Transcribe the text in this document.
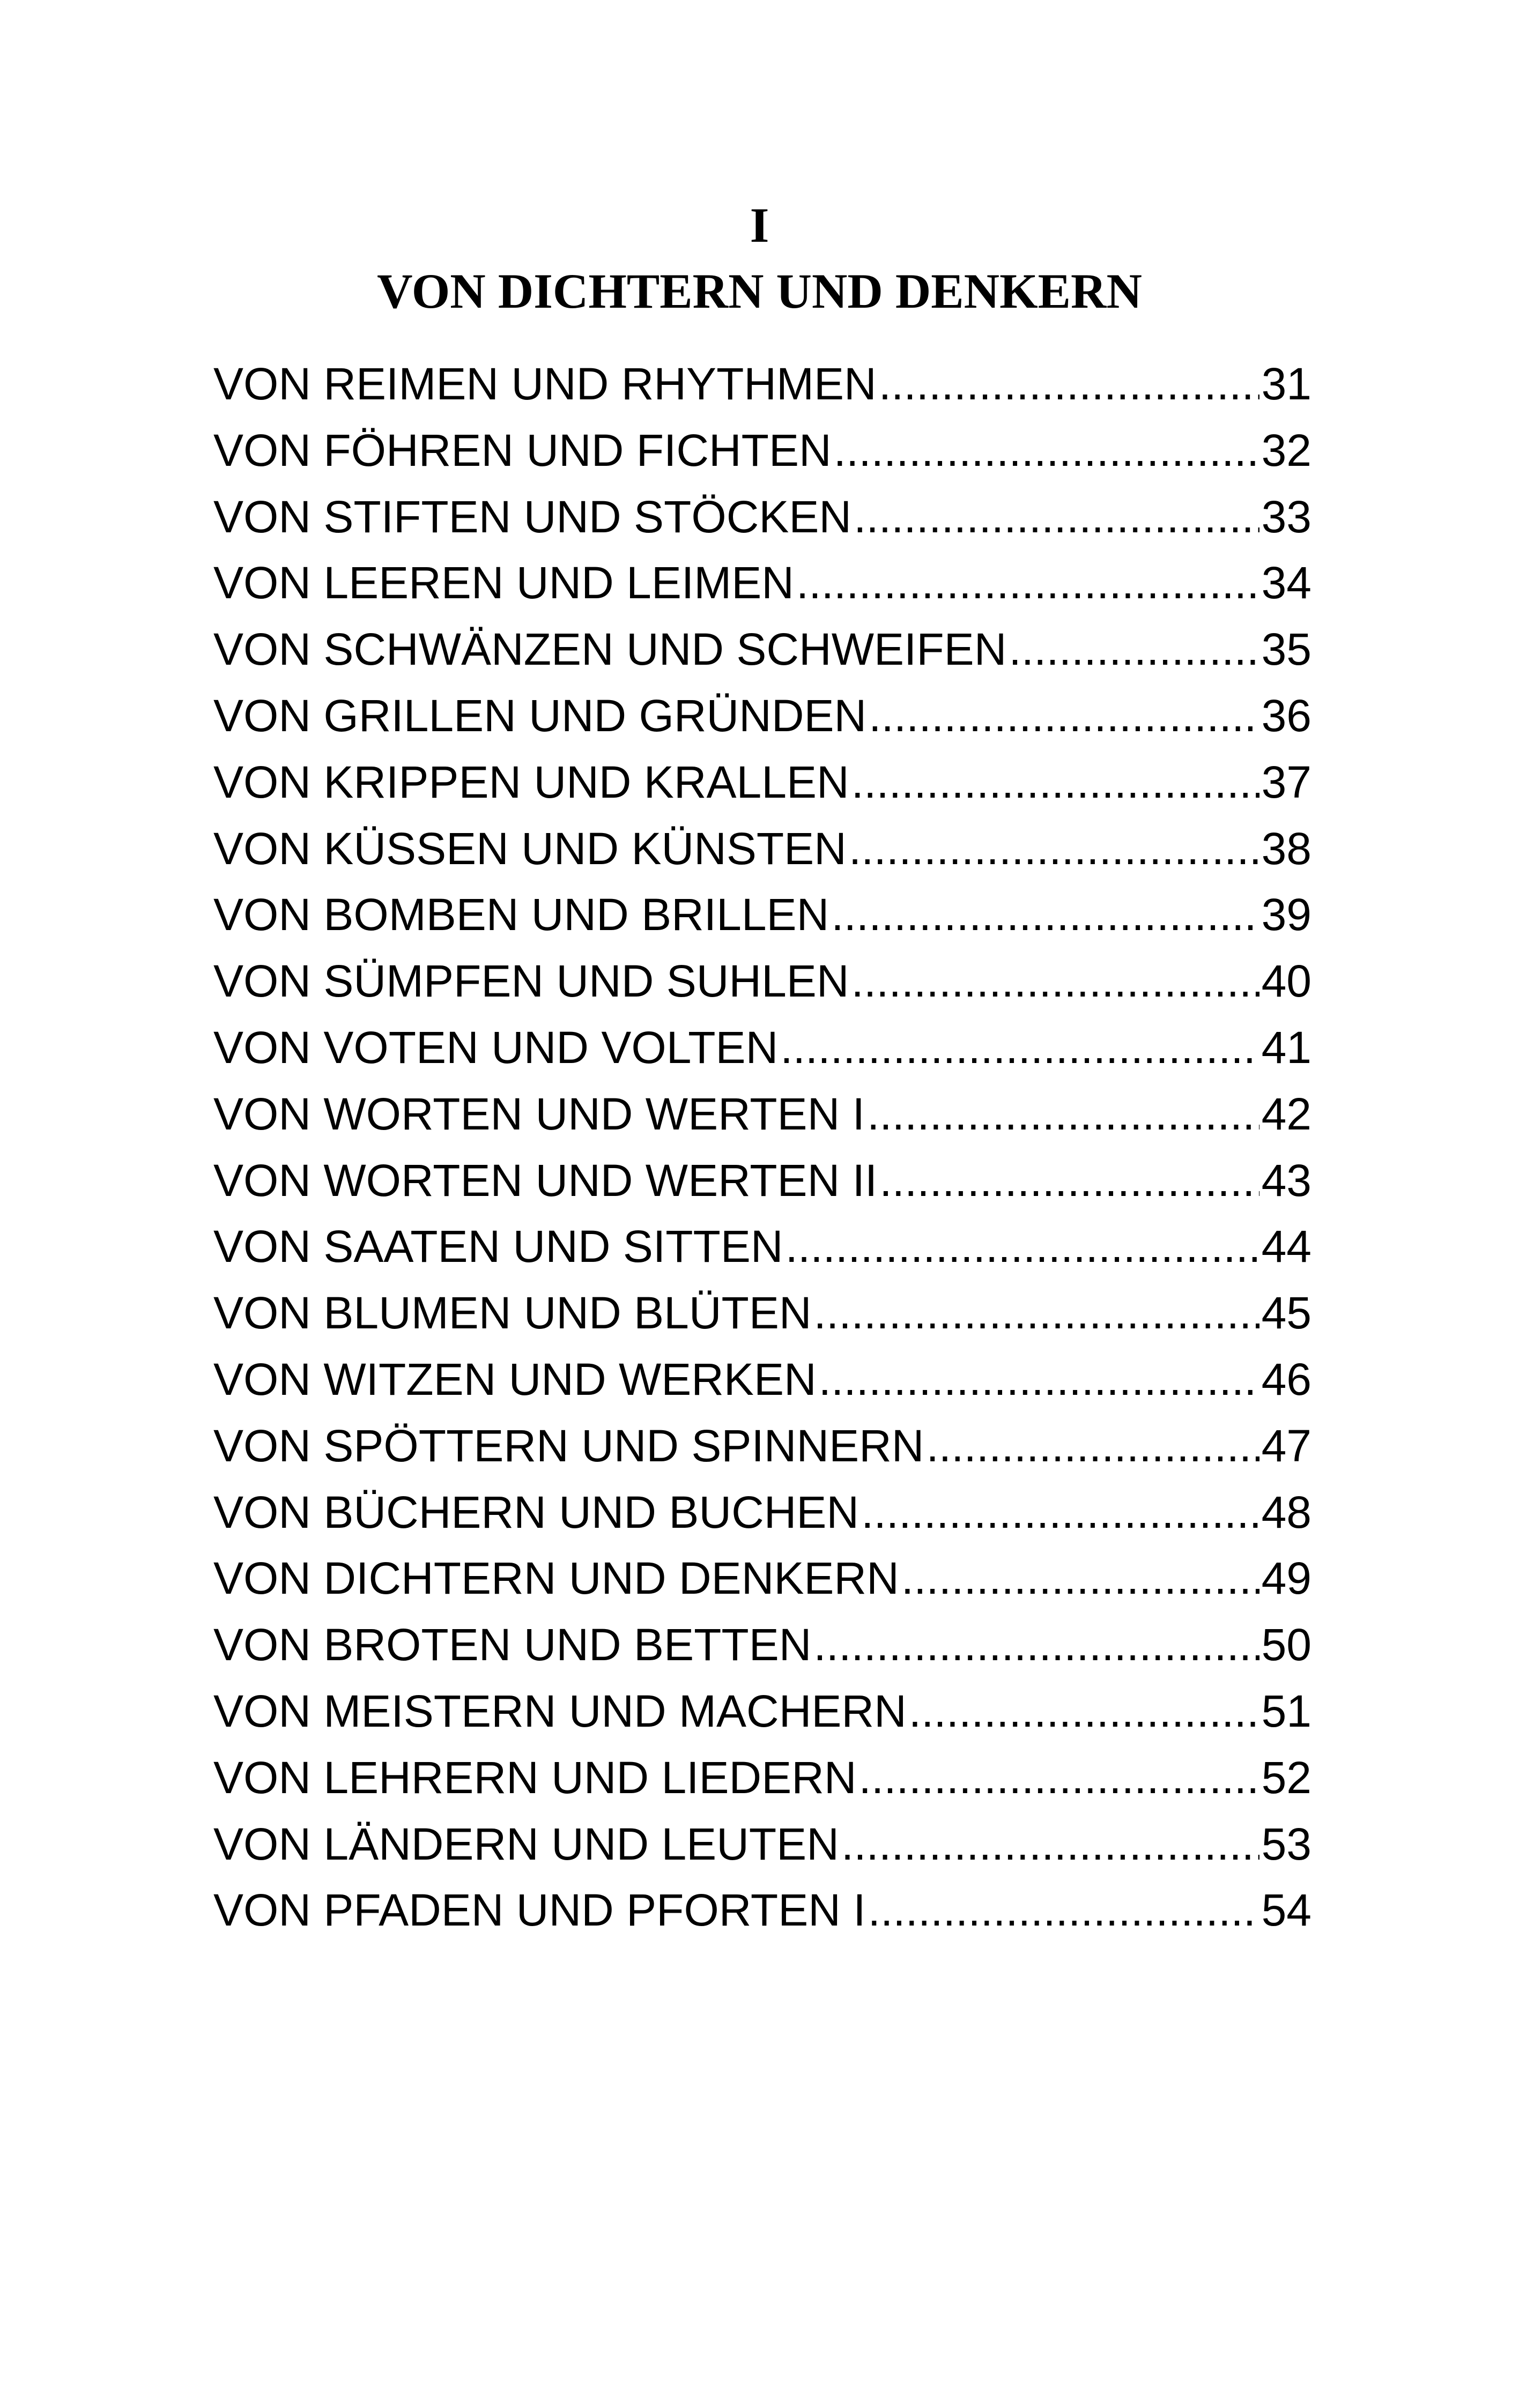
I
VON DICHTERN UND DENKERN
VON REIMEN UND RHYTHMEN .....	31
VON FÖHREN UND FICHTEN .....	32
VON STIFTEN UND STÖCKEN .....	33
VON LEEREN UND LEIMEN .....	34
VON SCHWÄNZEN UND SCHWEIFEN .....	35
VON GRILLEN UND GRÜNDEN .....	36
VON KRIPPEN UND KRALLEN .....	37
VON KÜSSEN UND KÜNSTEN .....	38
VON BOMBEN UND BRILLEN .....	39
VON SÜMPFEN UND SUHLEN .....	40
VON VOTEN UND VOLTEN .....	41
VON WORTEN UND WERTEN I .....	42
VON WORTEN UND WERTEN II .....	43
VON SAATEN UND SITTEN .....	44
VON BLUMEN UND BLÜTEN .....	45
VON WITZEN UND WERKEN .....	46
VON SPÖTTERN UND SPINNERN .....	47
VON BÜCHERN UND BUCHEN .....	48
VON DICHTERN UND DENKERN .....	49
VON BROTEN UND BETTEN .....	50
VON MEISTERN UND MACHERN .....	51
VON LEHRERN UND LIEDERN .....	52
VON LÄNDERN UND LEUTEN .....	53
VON PFADEN UND PFORTEN I .....	54
